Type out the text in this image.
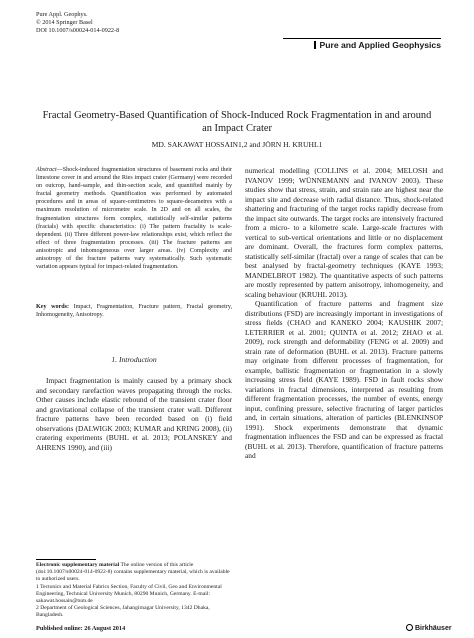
Pure Appl. Geophys.
© 2014 Springer Basel
DOI 10.1007/s00024-014-0922-8
Pure and Applied Geophysics
Fractal Geometry-Based Quantification of Shock-Induced Rock Fragmentation in and around an Impact Crater
MD. SAKAWAT HOSSAIN1,2 and JÖRN H. KRUHL1
Abstract—Shock-induced fragmentation structures of basement rocks and their limestone cover in and around the Ries impact crater (Germany) were recorded on outcrop, hand-sample, and thin-section scale, and quantified mainly by fractal geometry methods. Quantification was performed by automated procedures and in areas of square-centimetres to square-decametres with a maximum resolution of micrometre scale. In 2D and on all scales, the fragmentation structures form complex, statistically self-similar patterns (fractals) with specific characteristics: (i) The pattern fractality is scale-dependent. (ii) Three different power-law relationships exist, which reflect the effect of three fragmentation processes. (iii) The fracture patterns are anisotropic and inhomogeneous over larger areas. (iv) Complexity and anisotropy of the fracture patterns vary systematically. Such systematic variation appears typical for impact-related fragmentation.
Key words: Impact, Fragmentation, Fracture pattern, Fractal geometry, Inhomogeneity, Anisotropy.
1. Introduction

Impact fragmentation is mainly caused by a primary shock and secondary rarefaction waves propagating through the rocks. Other causes include elastic rebound of the transient crater floor and gravitational collapse of the transient crater wall. Different fracture patterns have been recorded based on (i) field observations (DALWIGK 2003; KUMAR and KRING 2008), (ii) cratering experiments (BUHL et al. 2013; POLANSKEY and AHRENS 1990), and (iii)

numerical modelling (COLLINS et al. 2004; MELOSH and IVANOV 1999; WÜNNEMANN and IVANOV 2003). These studies show that stress, strain, and strain rate are highest near the impact site and decrease with radial distance. Thus, shock-related shattering and fracturing of the target rocks rapidly decrease from the impact site outwards. The target rocks are intensively fractured from a micro- to a kilometre scale. Large-scale fractures with vertical to sub-vertical orientations and little or no displacement are dominant. Overall, the fractures form complex patterns, statistically self-similar (fractal) over a range of scales that can be best analysed by fractal-geometry techniques (KAYE 1993; MANDELBROT 1982). The quantitative aspects of such patterns are mostly represented by pattern anisotropy, inhomogeneity, and scaling behaviour (KRUHL 2013).

Quantification of fracture patterns and fragment size distributions (FSD) are increasingly important in investigations of stress fields (CHAO and KANEKO 2004; KAUSHIK 2007; LETERRIER et al. 2001; QUINTA et al. 2012; ZHAO et al. 2009), rock strength and deformability (FENG et al. 2009) and strain rate of deformation (BUHL et al. 2013). Fracture patterns may originate from different processes of fragmentation, for example, ballistic fragmentation or fragmentation in a slowly increasing stress field (KAYE 1989). FSD in fault rocks show variations in fractal dimensions, interpreted as resulting from different fragmentation processes, the number of events, energy input, confining pressure, selective fracturing of larger particles and, in certain situations, alteration of particles (BLENKINSOP 1991). Shock experiments demonstrate that dynamic fragmentation influences the FSD and can be expressed as fractal (BUHL et al. 2013). Therefore, quantification of fracture patterns and

Electronic supplementary material The online version of this article (doi:10.1007/s00024-014-0922-8) contains supplementary material, which is available to authorized users.

1 Tectonics and Material Fabrics Section, Faculty of Civil, Geo and Environmental Engineering, Technical University Munich, 80290 Munich, Germany. E-mail: sakawat.hossain@tum.de

2 Department of Geological Sciences, Jahangirnagar University, 1342 Dhaka, Bangladesh.

Published online: 26 August 2014	Birkhäuser
